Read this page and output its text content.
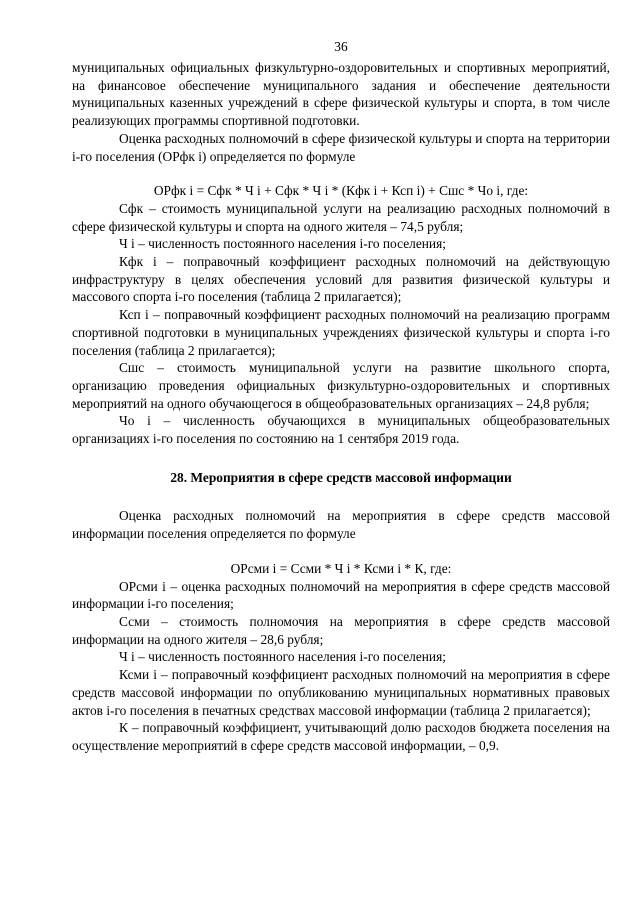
36

муниципальных официальных физкультурно-оздоровительных и спортивных мероприятий, на финансовое обеспечение муниципального задания и обеспечение деятельности муниципальных казенных учреждений в сфере физической культуры и спорта, в том числе реализующих программы спортивной подготовки.

Оценка расходных полномочий в сфере физической культуры и спорта на территории i-го поселения (ОРфк i) определяется по формуле

ОРфк i = Сфк * Ч i + Сфк * Ч i * (Кфк i + Ксп i) + Сшс * Чо i, где:

Сфк – стоимость муниципальной услуги на реализацию расходных полномочий в сфере физической культуры и спорта на одного жителя – 74,5 рубля;

Ч i – численность постоянного населения i-го поселения;

Кфк i – поправочный коэффициент расходных полномочий на действующую инфраструктуру в целях обеспечения условий для развития физической культуры и массового спорта i-го поселения (таблица 2 прилагается);

Ксп i – поправочный коэффициент расходных полномочий на реализацию программ спортивной подготовки в муниципальных учреждениях физической культуры и спорта i-го поселения (таблица 2 прилагается);

Сшс – стоимость муниципальной услуги на развитие школьного спорта, организацию проведения официальных физкультурно-оздоровительных и спортивных мероприятий на одного обучающегося в общеобразовательных организациях – 24,8 рубля;

Чо i – численность обучающихся в муниципальных общеобразовательных организациях i-го поселения по состоянию на 1 сентября 2019 года.

28. Мероприятия в сфере средств массовой информации

Оценка расходных полномочий на мероприятия в сфере средств массовой информации поселения определяется по формуле

ОРсми i = Ссми * Ч i * Ксми i * К, где:

ОРсми i – оценка расходных полномочий на мероприятия в сфере средств массовой информации i-го поселения;

Ссми – стоимость полномочия на мероприятия в сфере средств массовой информации на одного жителя – 28,6 рубля;

Ч i – численность постоянного населения i-го поселения;

Ксми i – поправочный коэффициент расходных полномочий на мероприятия в сфере средств массовой информации по опубликованию муниципальных нормативных правовых актов i-го поселения в печатных средствах массовой информации (таблица 2 прилагается);

К – поправочный коэффициент, учитывающий долю расходов бюджета поселения на осуществление мероприятий в сфере средств массовой информации, – 0,9.
